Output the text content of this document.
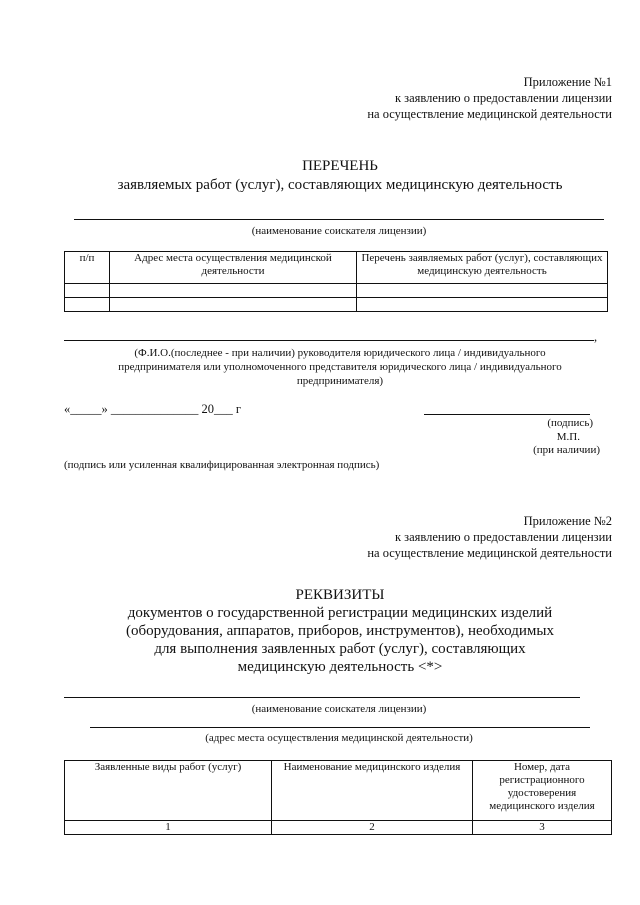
Приложение №1
к заявлению о предоставлении лицензии
на осуществление медицинской деятельности
ПЕРЕЧЕНЬ
заявляемых работ (услуг), составляющих медицинскую деятельность
(наименование соискателя лицензии)
п/п	Адрес места осуществления медицинской деятельности	Перечень заявляемых работ (услуг), составляющих медицинскую деятельность

,
(Ф.И.О.(последнее - при наличии) руководителя юридического лица / индивидуального
предпринимателя или уполномоченного представителя юридического лица / индивидуального
предпринимателя)
«_____» ______________ 20___ г
(подпись)
М.П.
(при наличии)
(подпись или усиленная квалифицированная электронная подпись)
Приложение №2
к заявлению о предоставлении лицензии
на осуществление медицинской деятельности
РЕКВИЗИТЫ
документов о государственной регистрации медицинских изделий
(оборудования, аппаратов, приборов, инструментов), необходимых
для выполнения заявленных работ (услуг), составляющих
медицинскую деятельность <*>
(наименование соискателя лицензии)
(адрес места осуществления медицинской деятельности)
Заявленные виды работ (услуг)	Наименование медицинского изделия	Номер, дата регистрационного удостоверения медицинского изделия
1	2	3
